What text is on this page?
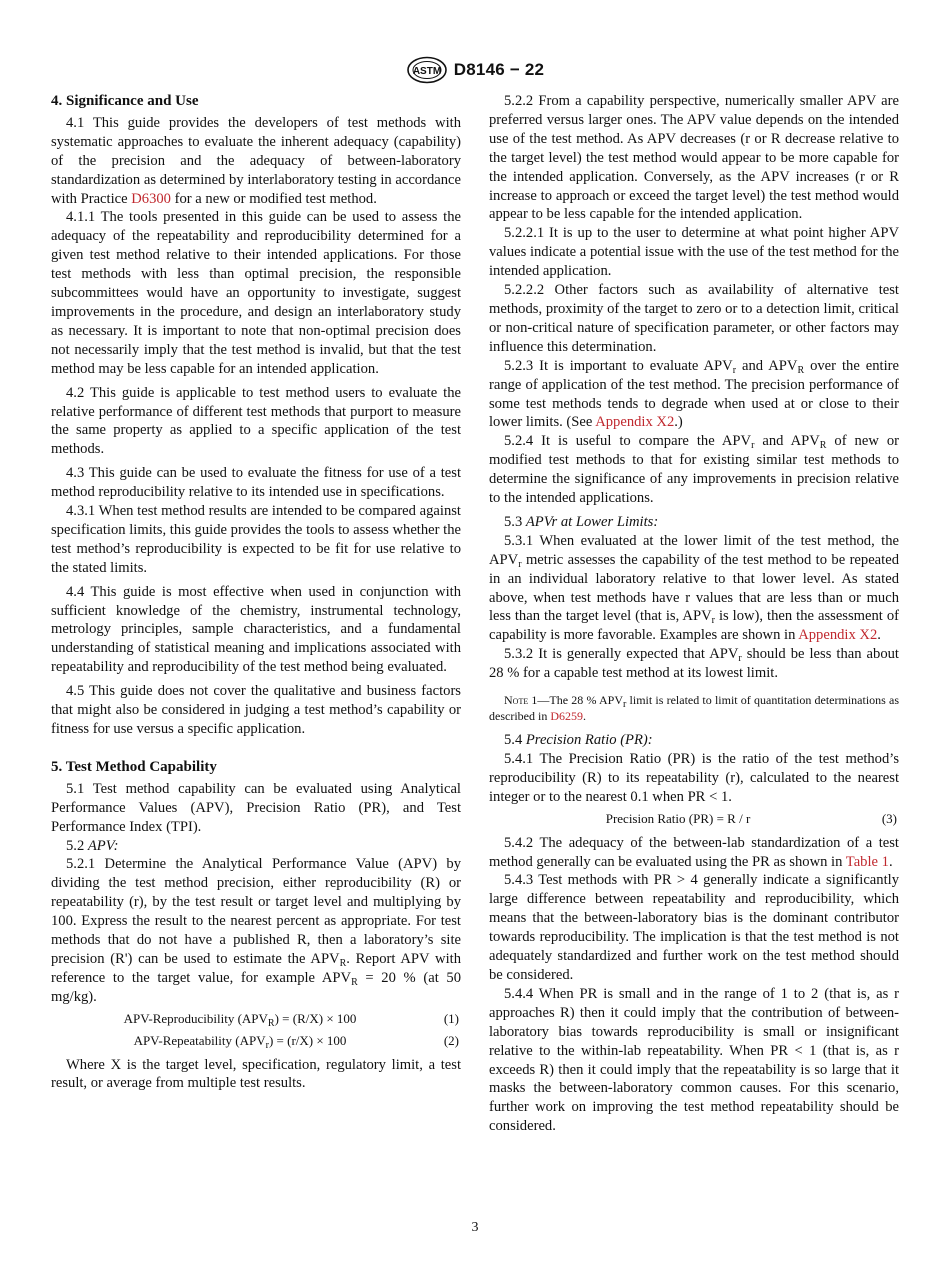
ASTM D8146 − 22
4. Significance and Use

4.1 This guide provides the developers of test methods with systematic approaches to evaluate the inherent adequacy (capability) of the precision and the adequacy of between-laboratory standardization as determined by interlaboratory testing in accordance with Practice D6300 for a new or modified test method.

4.1.1 The tools presented in this guide can be used to assess the adequacy of the repeatability and reproducibility determined for a given test method relative to their intended applications. For those test methods with less than optimal precision, the responsible subcommittees would have an opportunity to investigate, suggest improvements in the procedure, and design an interlaboratory study as necessary. It is important to note that non-optimal precision does not necessarily imply that the test method is invalid, but that the test method may be less capable for an intended application.

4.2 This guide is applicable to test method users to evaluate the relative performance of different test methods that purport to measure the same property as applied to a specific application of the test methods.

4.3 This guide can be used to evaluate the fitness for use of a test method reproducibility relative to its intended use in specifications.

4.3.1 When test method results are intended to be compared against specification limits, this guide provides the tools to assess whether the test method’s reproducibility is expected to be fit for use relative to the stated limits.

4.4 This guide is most effective when used in conjunction with sufficient knowledge of the chemistry, instrumental technology, metrology principles, sample characteristics, and a fundamental understanding of statistical meaning and implications associated with repeatability and reproducibility of the test method being evaluated.

4.5 This guide does not cover the qualitative and business factors that might also be considered in judging a test method’s capability or fitness for use versus a specific application.

5. Test Method Capability

5.1 Test method capability can be evaluated using Analytical Performance Values (APV), Precision Ratio (PR), and Test Performance Index (TPI).

5.2 APV:

5.2.1 Determine the Analytical Performance Value (APV) by dividing the test method precision, either reproducibility (R) or repeatability (r), by the test result or target level and multiplying by 100. Express the result to the nearest percent as appropriate. For test methods that do not have a published R, then a laboratory’s site precision (R') can be used to estimate the $APV_R$. Report APV with reference to the target value, for example $APV_R = 20$ % (at 50 mg/kg).

APV-Reproducibility $(APV_R) = (R/X) \times 100$	(1)
APV-Repeatability $(APV_r) = (r/X) \times 100$	(2)

Where X is the target level, specification, regulatory limit, a test result, or average from multiple test results.

5.2.2 From a capability perspective, numerically smaller APV are preferred versus larger ones. The APV value depends on the intended use of the test method. As APV decreases (r or R decrease relative to the target level) the test method would appear to be more capable for the intended application. Conversely, as the APV increases (r or R increase to approach or exceed the target level) the test method would appear to be less capable for the intended application.

5.2.2.1 It is up to the user to determine at what point higher APV values indicate a potential issue with the use of the test method for the intended application.

5.2.2.2 Other factors such as availability of alternative test methods, proximity of the target to zero or to a detection limit, critical or non-critical nature of specification parameter, or other factors may influence this determination.

5.2.3 It is important to evaluate $APV_r$ and $APV_R$ over the entire range of application of the test method. The precision performance of some test methods tends to degrade when used at or close to their lower limits. (See Appendix X2.)

5.2.4 It is useful to compare the $APV_r$ and $APV_R$ of new or modified test methods to that for existing similar test methods to determine the significance of any improvements in precision relative to the intended applications.

5.3 APVr at Lower Limits:

5.3.1 When evaluated at the lower limit of the test method, the $APV_r$ metric assesses the capability of the test method to be repeated in an individual laboratory relative to that lower level. As stated above, when test methods have r values that are less than or much less than the target level (that is, $APV_r$ is low), then the assessment of capability is more favorable. Examples are shown in Appendix X2.

5.3.2 It is generally expected that $APV_r$ should be less than about 28 % for a capable test method at its lowest limit.

Note 1—The 28 % $APV_r$ limit is related to limit of quantitation determinations as described in D6259.

5.4 Precision Ratio (PR):

5.4.1 The Precision Ratio (PR) is the ratio of the test method’s reproducibility (R) to its repeatability (r), calculated to the nearest integer or to the nearest 0.1 when PR < 1.

Precision Ratio (PR) = R / r	(3)

5.4.2 The adequacy of the between-lab standardization of a test method generally can be evaluated using the PR as shown in Table 1.

5.4.3 Test methods with PR > 4 generally indicate a significantly large difference between repeatability and reproducibility, which means that the between-laboratory bias is the dominant contributor towards reproducibility. The implication is that the test method is not adequately standardized and further work on the test method should be considered.

5.4.4 When PR is small and in the range of 1 to 2 (that is, as r approaches R) then it could imply that the contribution of between-laboratory bias towards reproducibility is small or insignificant relative to the within-lab repeatability. When PR < 1 (that is, as r exceeds R) then it could imply that the repeatability is so large that it masks the between-laboratory common causes. For this scenario, further work on improving the test method repeatability should be considered.

3
